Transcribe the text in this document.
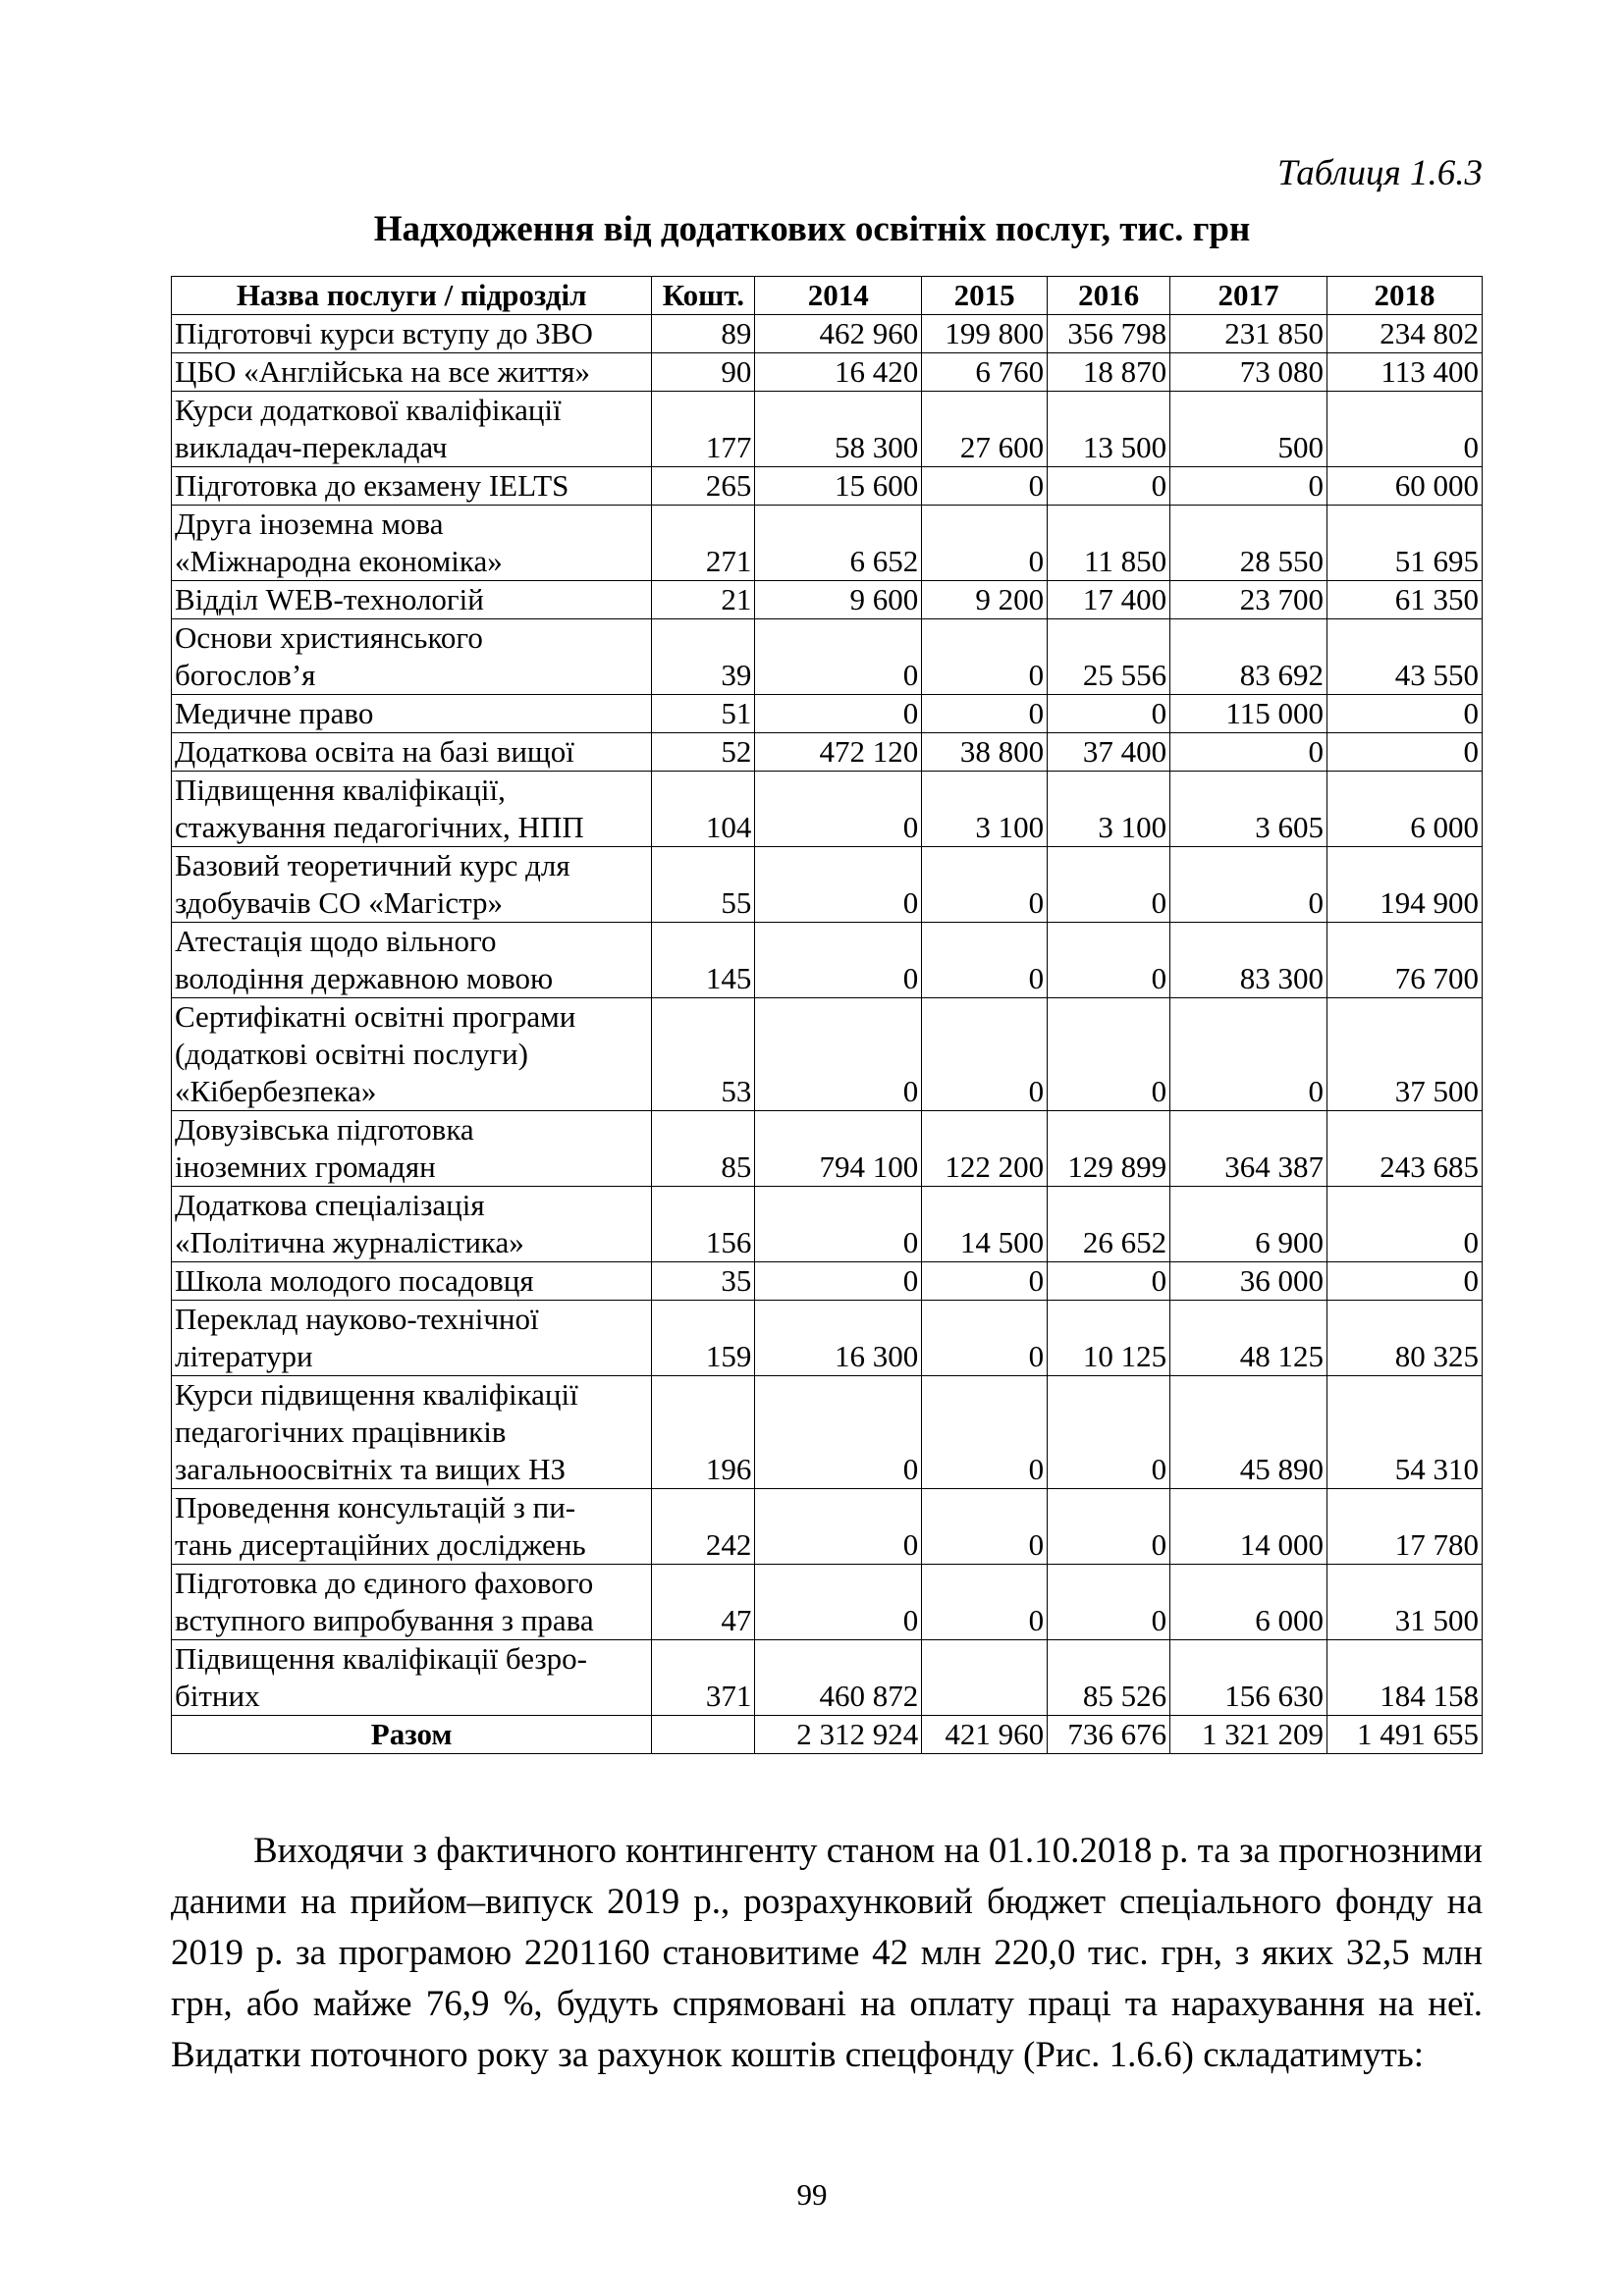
Таблиця 1.6.3
Надходження від додаткових освітніх послуг, тис. грн
Назва послуги / підрозділ	Кошт.	2014	2015	2016	2017	2018
Підготовчі курси вступу до ЗВО	89	462 960	199 800	356 798	231 850	234 802
ЦБО «Англійська на все життя»	90	16 420	6 760	18 870	73 080	113 400
Курси додаткової кваліфікації
викладач-перекладач	177	58 300	27 600	13 500	500	0
Підготовка до екзамену IELTS	265	15 600	0	0	0	60 000
Друга іноземна мова
«Міжнародна економіка»	271	6 652	0	11 850	28 550	51 695
Відділ WEB-технологій	21	9 600	9 200	17 400	23 700	61 350
Основи християнського
богослов’я	39	0	0	25 556	83 692	43 550
Медичне право	51	0	0	0	115 000	0
Додаткова освіта на базі вищої	52	472 120	38 800	37 400	0	0
Підвищення кваліфікації,
стажування педагогічних, НПП	104	0	3 100	3 100	3 605	6 000
Базовий теоретичний курс для
здобувачів СО «Магістр»	55	0	0	0	0	194 900
Атестація щодо вільного
володіння державною мовою	145	0	0	0	83 300	76 700
Сертифікатні освітні програми
(додаткові освітні послуги)
«Кібербезпека»	53	0	0	0	0	37 500
Довузівська підготовка
іноземних громадян	85	794 100	122 200	129 899	364 387	243 685
Додаткова спеціалізація
«Політична журналістика»	156	0	14 500	26 652	6 900	0
Школа молодого посадовця	35	0	0	0	36 000	0
Переклад науково-технічної
літератури	159	16 300	0	10 125	48 125	80 325
Курси підвищення кваліфікації
педагогічних працівників
загальноосвітніх та вищих НЗ	196	0	0	0	45 890	54 310
Проведення консультацій з пи-
тань дисертаційних досліджень	242	0	0	0	14 000	17 780
Підготовка до єдиного фахового
вступного випробування з права	47	0	0	0	6 000	31 500
Підвищення кваліфікації безро-
бітних	371	460 872		85 526	156 630	184 158
Разом		2 312 924	421 960	736 676	1 321 209	1 491 655

Виходячи з фактичного контингенту станом на 01.10.2018 р. та за прогнозними даними на прийом–випуск 2019 р., розрахунковий бюджет спеціального фонду на 2019 р. за програмою 2201160 становитиме 42 млн 220,0 тис. грн, з яких 32,5 млн грн, або майже 76,9 %, будуть спрямовані на оплату праці та нарахування на неї. Видатки поточного року за рахунок коштів спецфонду (Рис. 1.6.6) складатимуть:

99
